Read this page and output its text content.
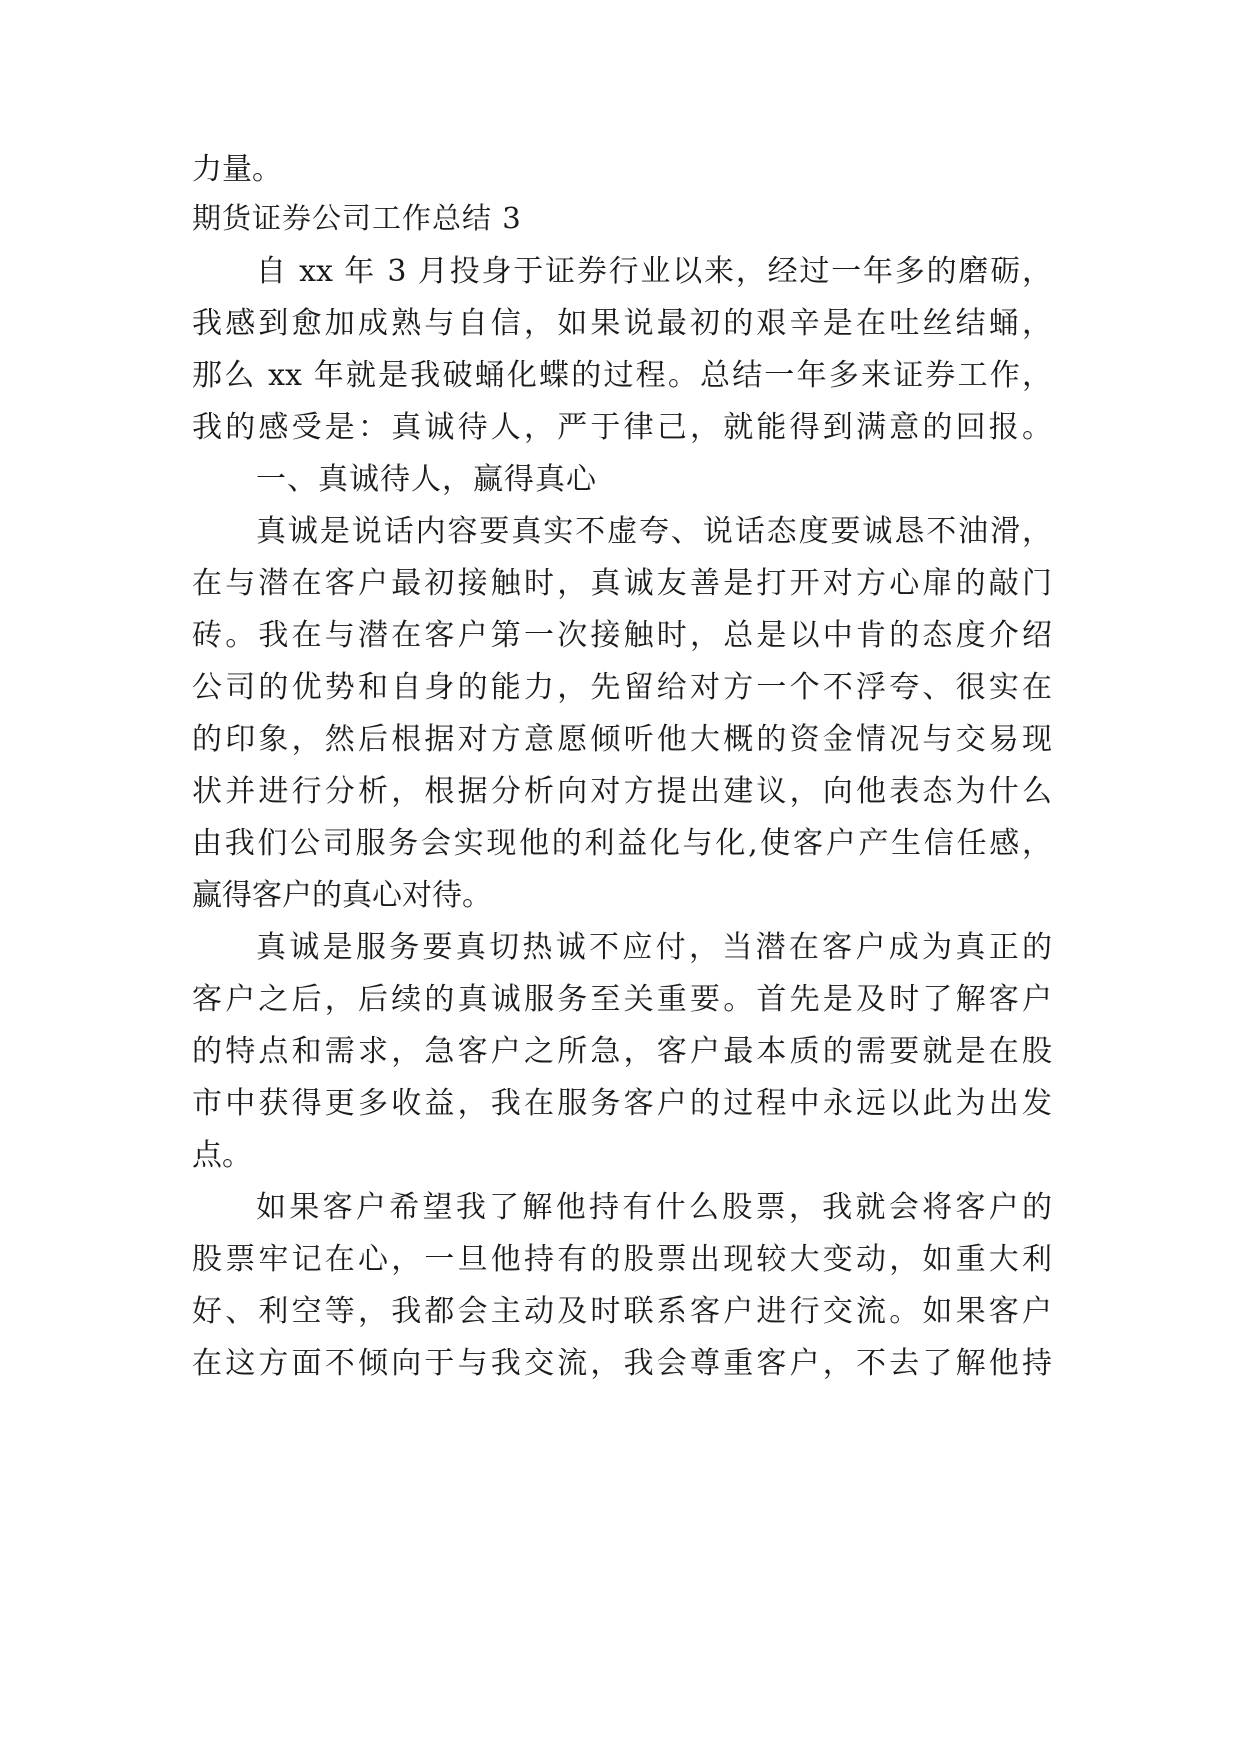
力量。
期货证券公司工作总结 3
自 xx 年 3 月投身于证券行业以来，经过一年多的磨砺，
我感到愈加成熟与自信，如果说最初的艰辛是在吐丝结蛹，
那么 xx 年就是我破蛹化蝶的过程。总结一年多来证券工作，
我的感受是：真诚待人，严于律己，就能得到满意的回报。
一、真诚待人，赢得真心
真诚是说话内容要真实不虚夸、说话态度要诚恳不油滑，
在与潜在客户最初接触时，真诚友善是打开对方心扉的敲门
砖。我在与潜在客户第一次接触时，总是以中肯的态度介绍
公司的优势和自身的能力，先留给对方一个不浮夸、很实在
的印象，然后根据对方意愿倾听他大概的资金情况与交易现
状并进行分析，根据分析向对方提出建议，向他表态为什么
由我们公司服务会实现他的利益化与化,使客户产生信任感，
赢得客户的真心对待。
真诚是服务要真切热诚不应付，当潜在客户成为真正的
客户之后，后续的真诚服务至关重要。首先是及时了解客户
的特点和需求，急客户之所急，客户最本质的需要就是在股
市中获得更多收益，我在服务客户的过程中永远以此为出发
点。
如果客户希望我了解他持有什么股票，我就会将客户的
股票牢记在心，一旦他持有的股票出现较大变动，如重大利
好、利空等，我都会主动及时联系客户进行交流。如果客户
在这方面不倾向于与我交流，我会尊重客户，不去了解他持
